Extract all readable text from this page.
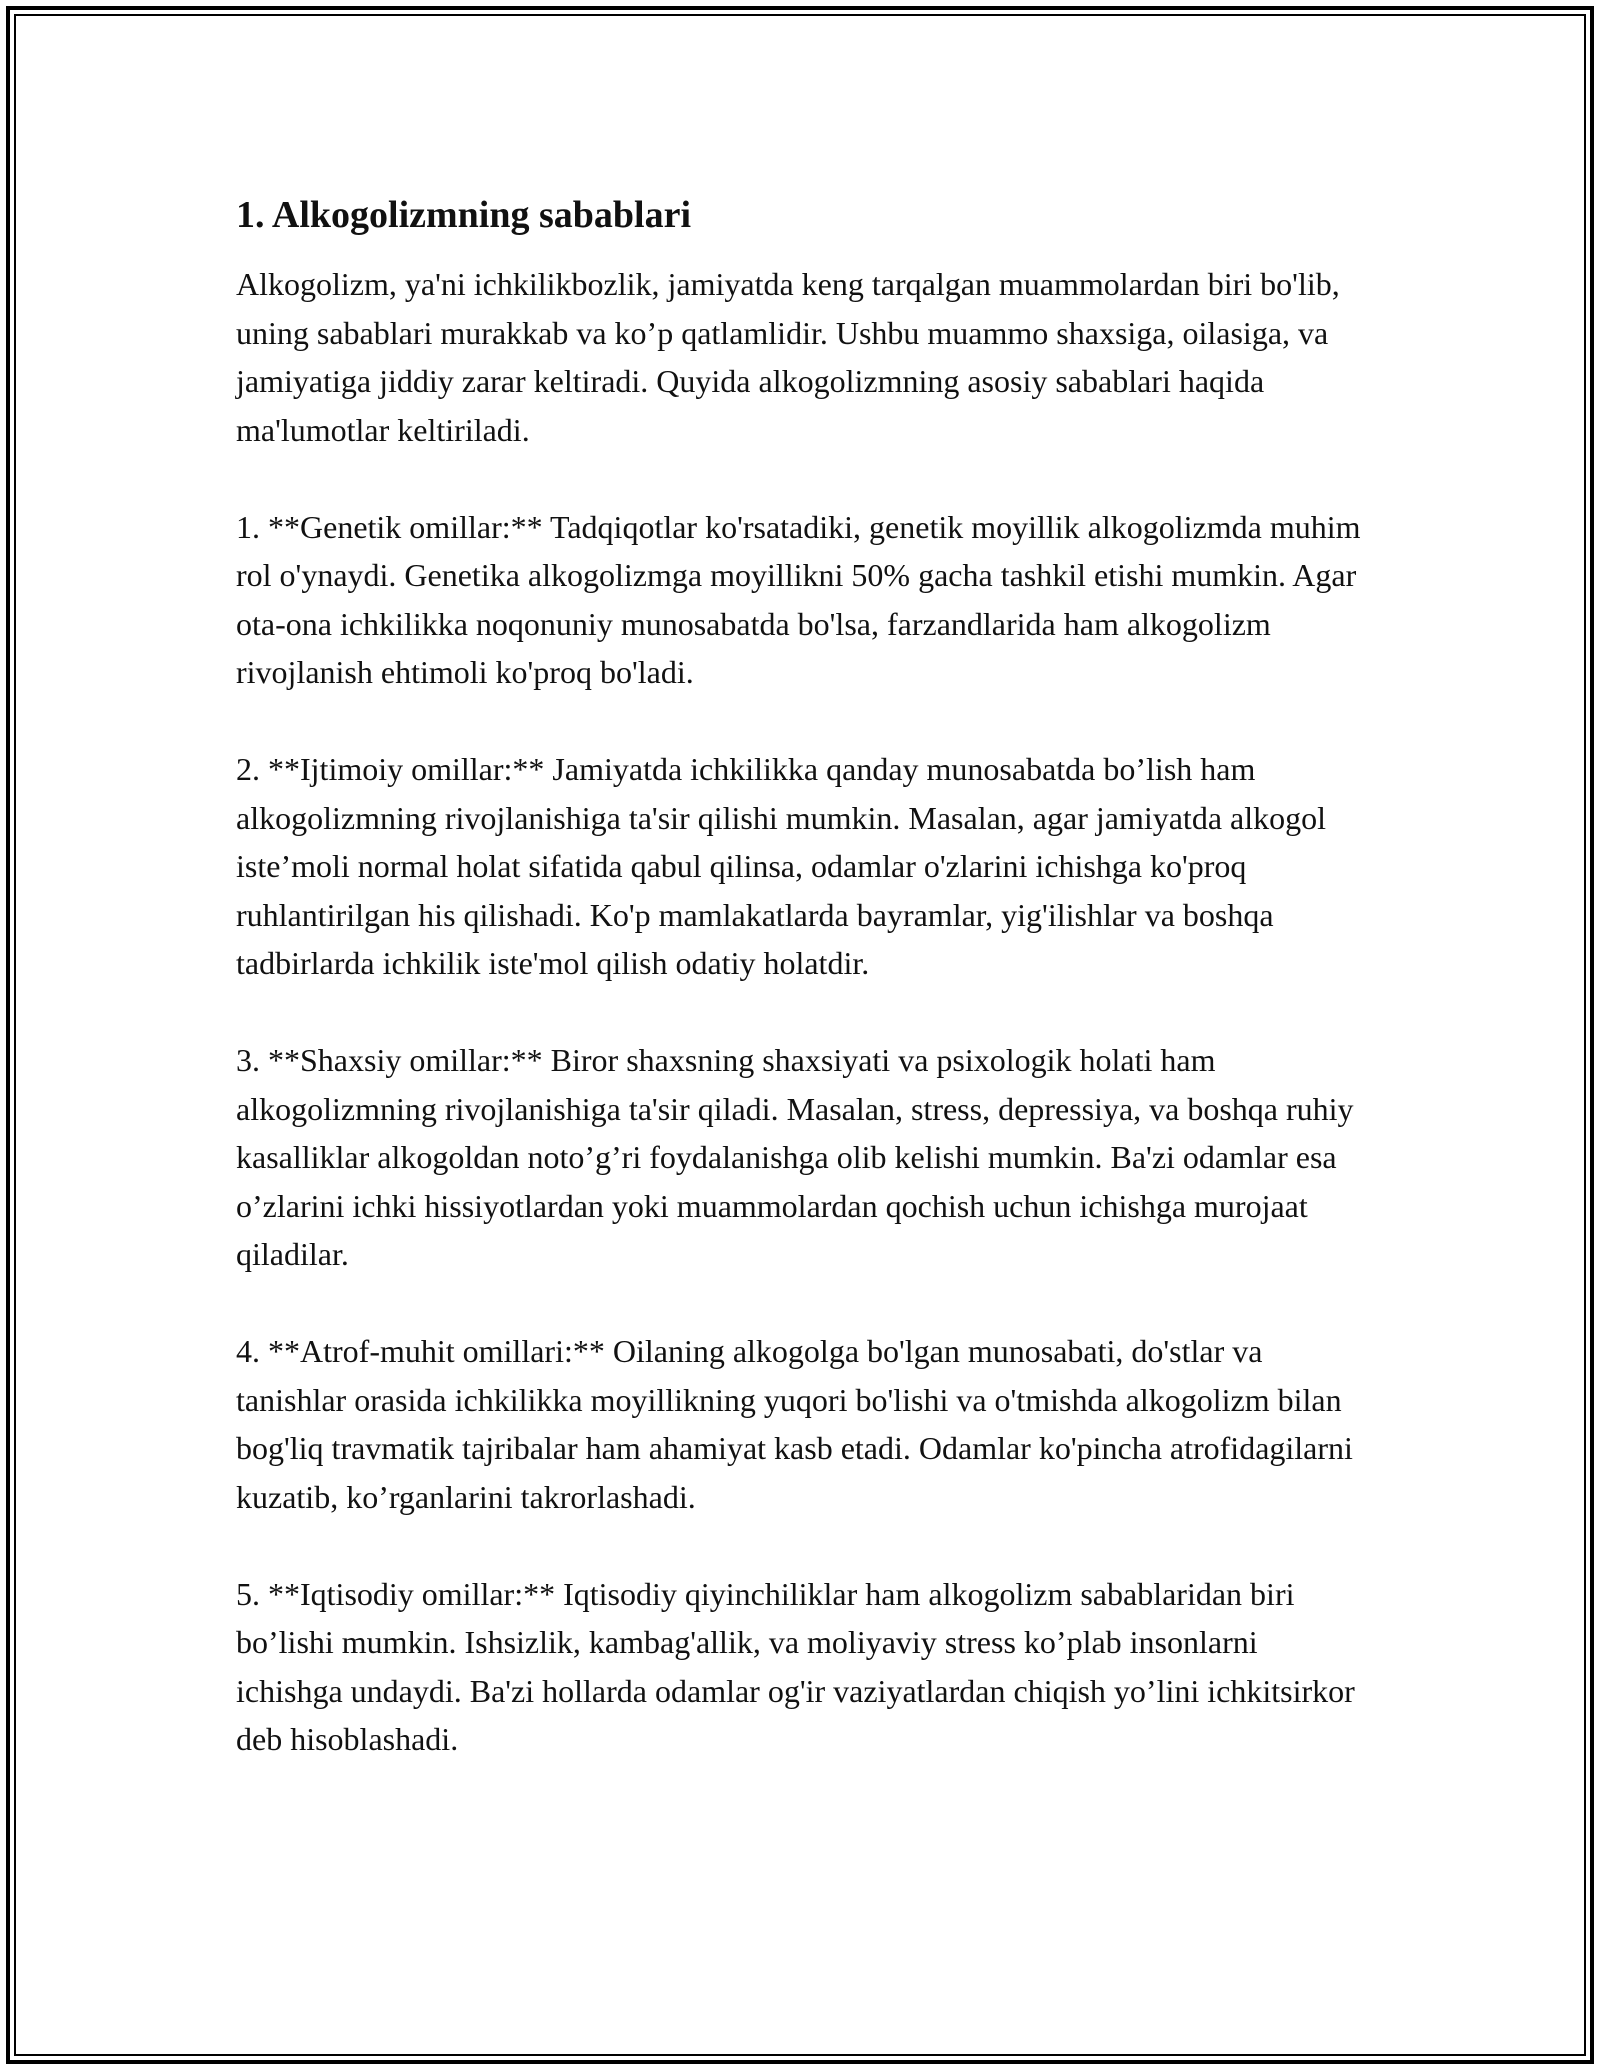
1. Alkogolizmning sabablari

Alkogolizm, ya'ni ichkilikbozlik, jamiyatda keng tarqalgan muammolardan biri bo'lib, uning sabablari murakkab va ko’p qatlamlidir. Ushbu muammo shaxsiga, oilasiga, va jamiyatiga jiddiy zarar keltiradi. Quyida alkogolizmning asosiy sabablari haqida ma'lumotlar keltiriladi.

1. **Genetik omillar:** Tadqiqotlar ko'rsatadiki, genetik moyillik alkogolizmda muhim rol o'ynaydi. Genetika alkogolizmga moyillikni 50% gacha tashkil etishi mumkin. Agar ota-ona ichkilikka noqonuniy munosabatda bo'lsa, farzandlarida ham alkogolizm rivojlanish ehtimoli ko'proq bo'ladi.

2. **Ijtimoiy omillar:** Jamiyatda ichkilikka qanday munosabatda bo’lish ham alkogolizmning rivojlanishiga ta'sir qilishi mumkin. Masalan, agar jamiyatda alkogol iste’moli normal holat sifatida qabul qilinsa, odamlar o'zlarini ichishga ko'proq ruhlantirilgan his qilishadi. Ko'p mamlakatlarda bayramlar, yig'ilishlar va boshqa tadbirlarda ichkilik iste'mol qilish odatiy holatdir.

3. **Shaxsiy omillar:** Biror shaxsning shaxsiyati va psixologik holati ham alkogolizmning rivojlanishiga ta'sir qiladi. Masalan, stress, depressiya, va boshqa ruhiy kasalliklar alkogoldan noto’g’ri foydalanishga olib kelishi mumkin. Ba'zi odamlar esa o’zlarini ichki hissiyotlardan yoki muammolardan qochish uchun ichishga murojaat qiladilar.

4. **Atrof-muhit omillari:** Oilaning alkogolga bo'lgan munosabati, do'stlar va tanishlar orasida ichkilikka moyillikning yuqori bo'lishi va o'tmishda alkogolizm bilan bog'liq travmatik tajribalar ham ahamiyat kasb etadi. Odamlar ko'pincha atrofidagilarni kuzatib, ko’rganlarini takrorlashadi.

5. **Iqtisodiy omillar:** Iqtisodiy qiyinchiliklar ham alkogolizm sabablaridan biri bo’lishi mumkin. Ishsizlik, kambag'allik, va moliyaviy stress ko’plab insonlarni ichishga undaydi. Ba'zi hollarda odamlar og'ir vaziyatlardan chiqish yo’lini ichkitsirkor deb hisoblashadi.
